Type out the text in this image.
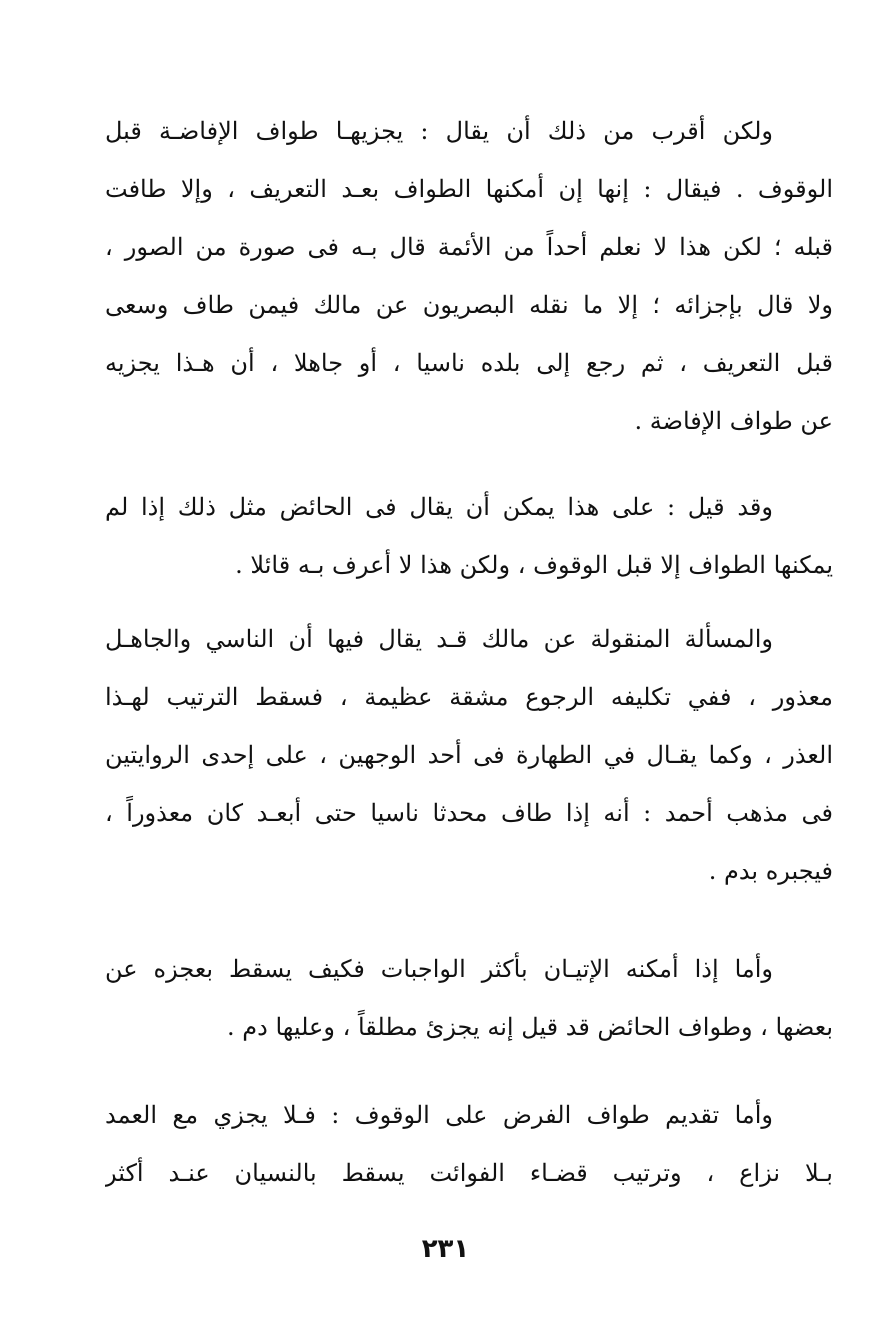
ولكن أقرب من ذلك أن يقال : يجزيهـا طواف الإفاضـة قبل
الوقوف . فيقال : إنها إن أمكنها الطواف بعـد التعريف ، وإلا طافت
قبله ؛ لكن هذا لا نعلم أحداً من الأئمة قال بـه فى صورة من الصور ،
ولا قال بإجزائه ؛ إلا ما نقله البصريون عن مالك فيمن طاف وسعى
قبل التعريف ، ثم رجع إلى بلده ناسيا ، أو جاهلا ، أن هـذا يجزيه
عن طواف الإفاضة .
وقد قيل : على هذا يمكن أن يقال فى الحائض مثل ذلك إذا لم
يمكنها الطواف إلا قبل الوقوف ، ولكن هذا لا أعرف بـه قائلا .
والمسألة المنقولة عن مالك قـد يقال فيها أن الناسي والجاهـل
معذور ، ففي تكليفه الرجوع مشقة عظيمة ، فسقط الترتيب لهـذا
العذر ، وكما يقـال في الطهارة فى أحد الوجهين ، على إحدى الروايتين
فى مذهب أحمد : أنه إذا طاف محدثا ناسيا حتى أبعـد كان معذوراً ،
فيجبره بدم .
وأما إذا أمكنه الإتيـان بأكثر الواجبات فكيف يسقط بعجزه عن
بعضها ، وطواف الحائض قد قيل إنه يجزئ مطلقاً ، وعليها دم .
وأما تقديم طواف الفرض على الوقوف : فـلا يجزي مع العمد
بـلا نزاع ، وترتيب قضـاء الفوائت يسقط بالنسيان عنـد أكثر
٢٣١
